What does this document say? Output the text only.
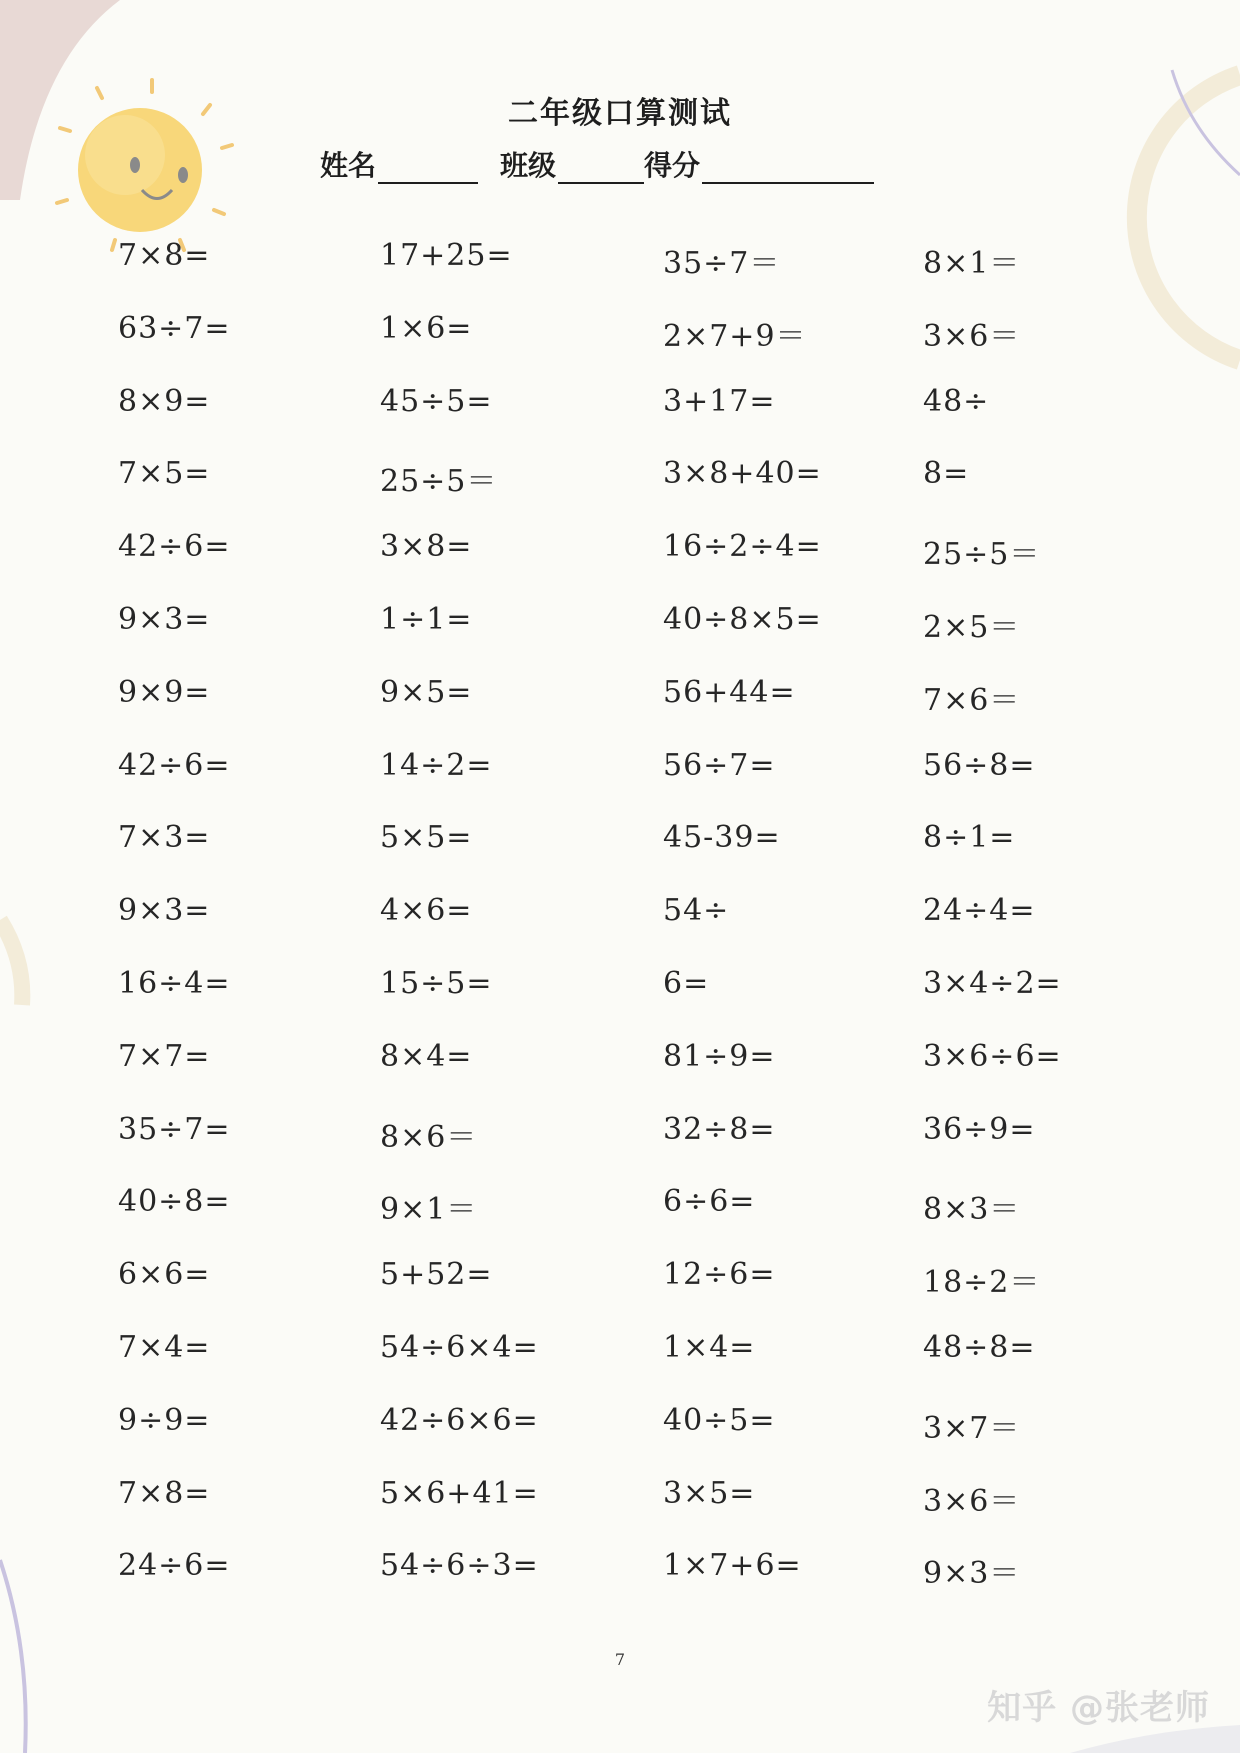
二年级口算测试
姓名	班级	得分
7×8=	17+25=	35÷7＝	8×1＝
63÷7=	1×6=	2×7+9＝	3×6＝
8×9=	45÷5=	3+17=	48÷
7×5=	25÷5＝	3×8+40=	8=
42÷6=	3×8=	16÷2÷4=	25÷5＝
9×3=	1÷1=	40÷8×5=	2×5＝
9×9=	9×5=	56+44=	7×6＝
42÷6=	14÷2=	56÷7=	56÷8=
7×3=	5×5=	45-39=	8÷1=
9×3=	4×6=	54÷	24÷4=
16÷4=	15÷5=	6=	3×4÷2=
7×7=	8×4=	81÷9=	3×6÷6=
35÷7=	8×6＝	32÷8=	36÷9=
40÷8=	9×1＝	6÷6=	8×3＝
6×6=	5+52=	12÷6=	18÷2＝
7×4=	54÷6×4=	1×4=	48÷8=
9÷9=	42÷6×6=	40÷5=	3×7＝
7×8=	5×6+41=	3×5=	3×6＝
24÷6=	54÷6÷3=	1×7+6=	9×3＝
7
知乎 @张老师
